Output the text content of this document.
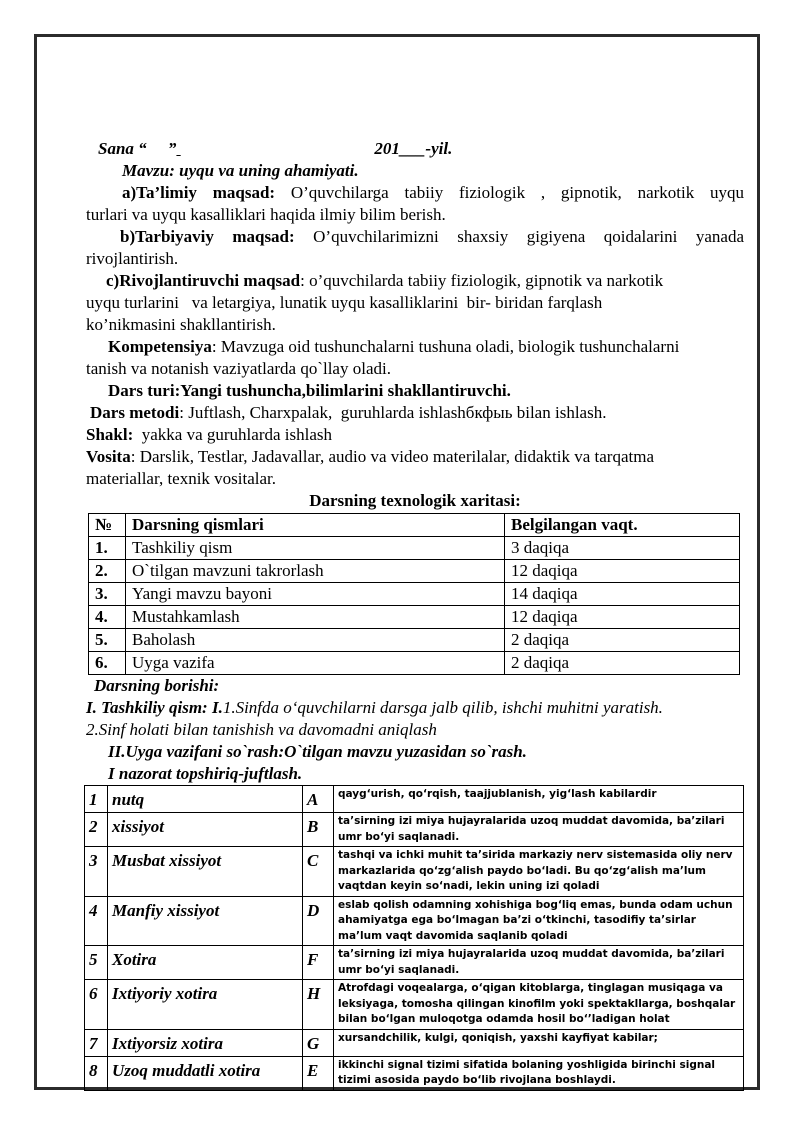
Sana “     ”	201___-yil.
Mavzu: uyqu va uning ahamiyati.
a)Ta’limiy maqsad: O’quvchilarga tabiiy fiziologik , gipnotik, narkotik uyqu
turlari va uyqu kasalliklari haqida ilmiy bilim berish.
b)Tarbiyaviy maqsad: O’quvchilarimizni shaxsiy gigiyena qoidalarini yanada
rivojlantirish.
c)Rivojlantiruvchi maqsad: o’quvchilarda tabiiy fiziologik, gipnotik va narkotik
uyqu turlarini   va letargiya, lunatik uyqu kasalliklarini  bir- biridan farqlash
ko’nikmasini shakllantirish.
Kompetensiya: Mavzuga oid tushunchalarni tushuna oladi, biologik tushunchalarni
tanish va notanish vaziyatlarda qo`llay oladi.
Dars turi:Yangi tushuncha,bilimlarini shakllantiruvchi.
Dars metodi: Juftlash, Charxpalak,  guruhlarda ishlashбкфыь bilan ishlash.
Shakl:  yakka va guruhlarda ishlash
Vosita: Darslik, Testlar, Jadavallar, audio va video materilalar, didaktik va tarqatma
materiallar, texnik vositalar.
Darsning texnologik xaritasi:
№	Darsning qismlari	Belgilangan vaqt.
1.	Tashkiliy qism	3 daqiqa
2.	O`tilgan mavzuni takrorlash	12 daqiqa
3.	Yangi mavzu bayoni	14 daqiqa
4.	Mustahkamlash	12 daqiqa
5.	Baholash	2 daqiqa
6.	Uyga vazifa	2 daqiqa
Darsning borishi:
I. Tashkiliy qism: I.1.Sinfda o‘quvchilarni darsga jalb qilib, ishchi muhitni yaratish.
2.Sinf holati bilan tanishish va davomadni aniqlash
II.Uyga vazifani so`rash:O`tilgan mavzu yuzasidan so`rash.
I nazorat topshiriq-juftlash.
1	nutq	A	qayg‘urish, qo‘rqish, taajjublanish, yig‘lash kabilardir
2	xissiyot	B	ta’sirning izi miya hujayralarida uzoq muddat davomida, ba’zilari umr bo‘yi saqlanadi.
3	Musbat xissiyot	C	tashqi va ichki muhit ta’sirida markaziy nerv sistemasida oliy nerv markazlarida qo‘zg‘alish paydo bo‘ladi. Bu qo‘zg‘alish ma’lum vaqtdan keyin so‘nadi, lekin uning izi qoladi
4	Manfiy xissiyot	D	eslab qolish odamning xohishiga bog‘liq emas, bunda odam uchun ahamiyatga ega bo‘lmagan ba’zi o‘tkinchi, tasodifiy ta’sirlar ma’lum vaqt davomida saqlanib qoladi
5	Xotira	F	ta’sirning izi miya hujayralarida uzoq muddat davomida, ba’zilari umr bo‘yi saqlanadi.
6	Ixtiyoriy xotira	H	Atrofdagi voqealarga, o‘qigan kitoblarga, tinglagan musiqaga va leksiyaga, tomosha qilingan kinofilm yoki spektakllarga, boshqalar bilan bo‘lgan muloqotga odamda hosil bo‘’ladigan holat
7	Ixtiyorsiz xotira	G	xursandchilik, kulgi, qoniqish, yaxshi kayfiyat kabilar;
8	Uzoq muddatli xotira	E	ikkinchi signal tizimi sifatida bolaning yoshligida birinchi signal tizimi asosida paydo bo‘lib rivojlana boshlaydi.
